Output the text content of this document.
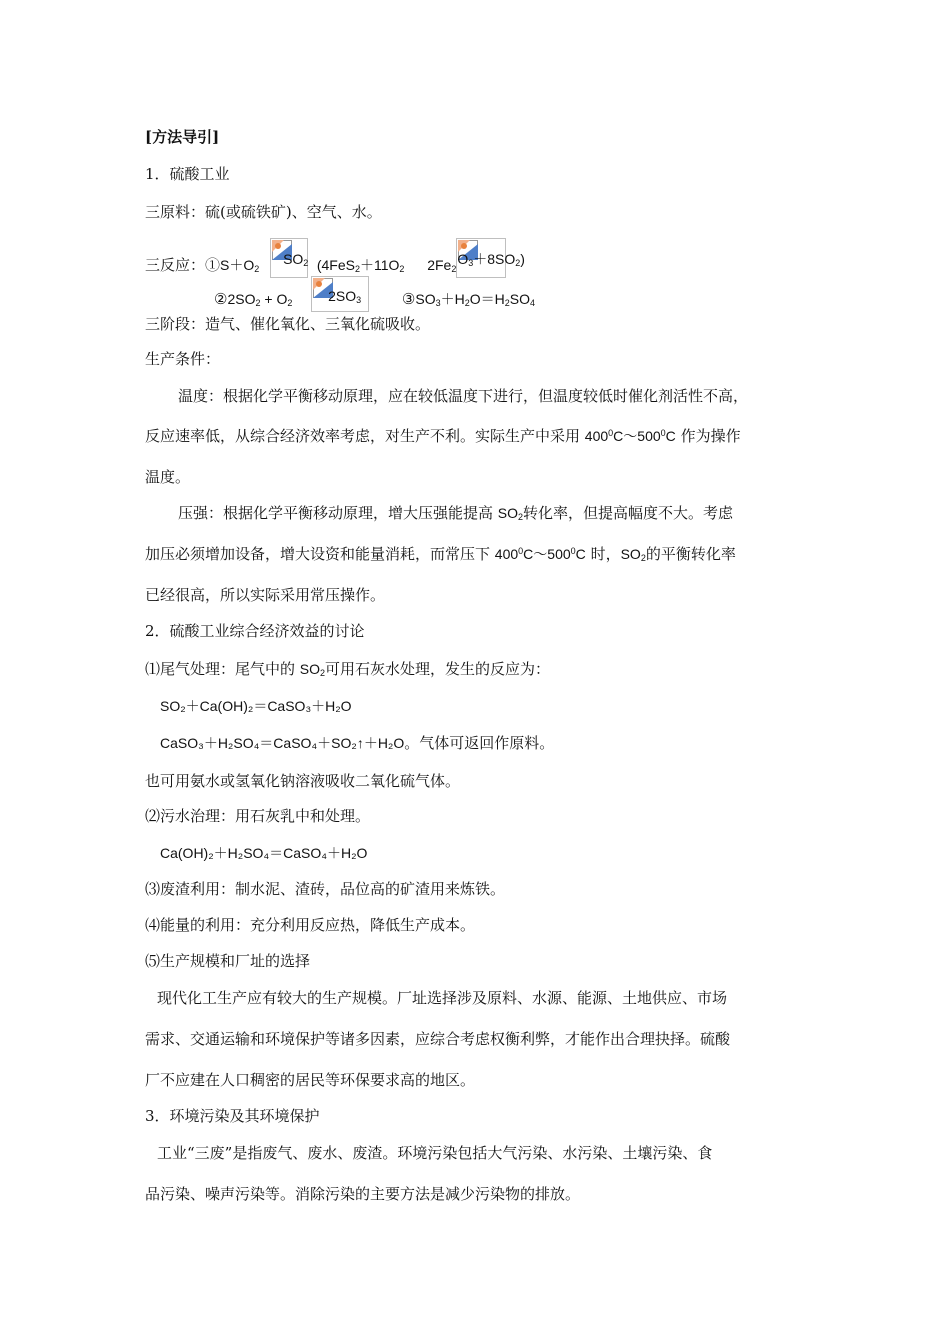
[方法导引]
1．硫酸工业
三原料：硫(或硫铁矿)、空气、水。
三反应：$①S+O_2$
$SO_2$ ($4FeS_2+11O_2$ $2Fe_2$
$O_3+8SO_2$)
$②2SO_2 + O_2$	$2SO_3$	$③SO_3+H_2O=H_2SO_4$
三阶段：造气、催化氧化、三氧化硫吸收。
生产条件：
温度：根据化学平衡移动原理，应在较低温度下进行，但温度较低时催化剂活性不高，
反应速率低，从综合经济效率考虑，对生产不利。实际生产中采用 $400^0C\sim 500^0C$ 作为操作
温度。
压强：根据化学平衡移动原理，增大压强能提高 $SO_2$转化率，但提高幅度不大。考虑
加压必须增加设备，增大设资和能量消耗，而常压下 $400^0C\sim 500^0C$ 时，$SO_2$的平衡转化率
已经很高，所以实际采用常压操作。
2．硫酸工业综合经济效益的讨论
⑴尾气处理：尾气中的 $SO_2$可用石灰水处理，发生的反应为：
SO₂＋Ca(OH)₂＝CaSO₃＋H₂O
CaSO₃＋H₂SO₄＝CaSO₄＋SO₂↑＋H₂O。气体可返回作原料。
也可用氨水或氢氧化钠溶液吸收二氧化硫气体。
⑵污水治理：用石灰乳中和处理。
Ca(OH)₂＋H₂SO₄＝CaSO₄＋H₂O
⑶废渣利用：制水泥、渣砖，品位高的矿渣用来炼铁。
⑷能量的利用：充分利用反应热，降低生产成本。
⑸生产规模和厂址的选择
现代化工生产应有较大的生产规模。厂址选择涉及原料、水源、能源、土地供应、市场
需求、交通运输和环境保护等诸多因素，应综合考虑权衡利弊，才能作出合理抉择。硫酸
厂不应建在人口稠密的居民等环保要求高的地区。
3．环境污染及其环境保护
工业“三废”是指废气、废水、废渣。环境污染包括大气污染、水污染、土壤污染、食
品污染、噪声污染等。消除污染的主要方法是减少污染物的排放。
